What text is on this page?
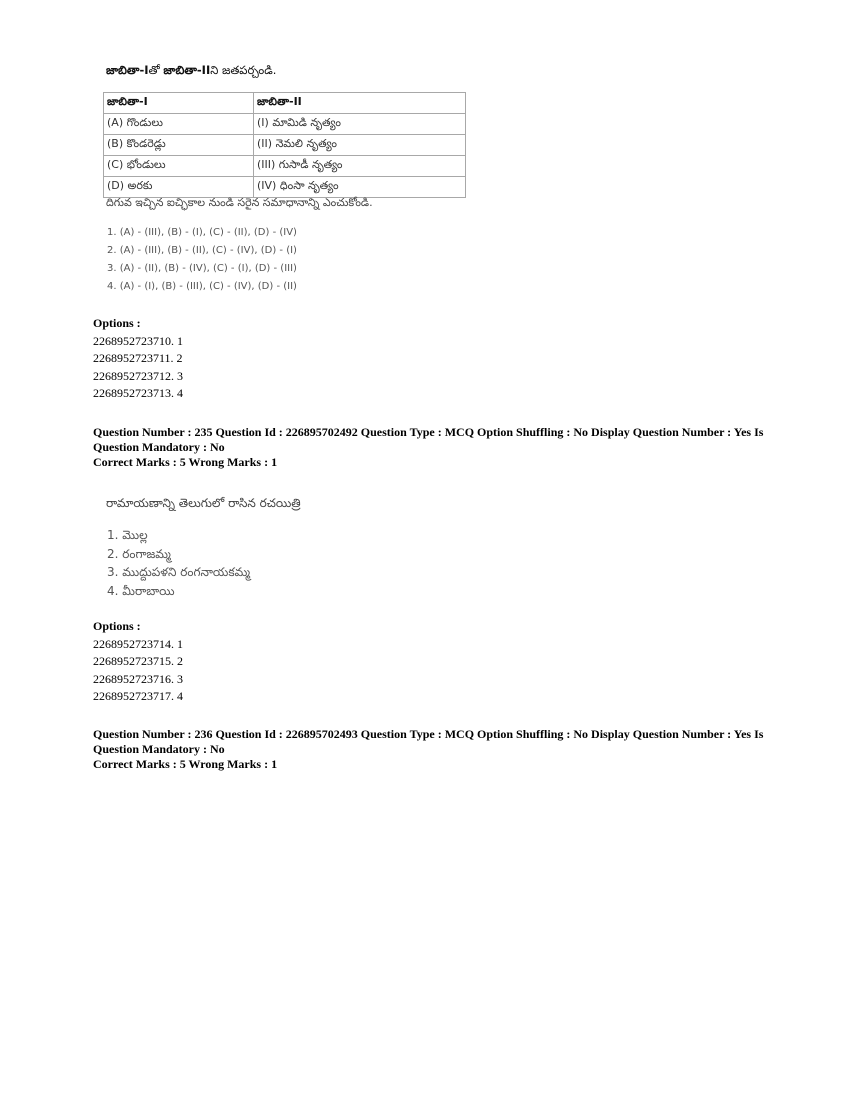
జాబితా-Iతో జాబితా-IIని జతపర్చండి.
జాబితా-I	జాబితా-II
(A) గొండులు	(I) మామిడి నృత్యం
(B) కొండరెడ్లు	(II) నెమలి నృత్యం
(C) భోండులు	(III) గుసాడీ నృత్యం
(D) అరకు	(IV) ధింసా నృత్యం
దిగువ ఇచ్చిన ఐచ్ఛికాల నుండి సరైన సమాధానాన్ని ఎంచుకోండి.
1. (A) - (III), (B) - (I), (C) - (II), (D) - (IV)
2. (A) - (III), (B) - (II), (C) - (IV), (D) - (I)
3. (A) - (II), (B) - (IV), (C) - (I), (D) - (III)
4. (A) - (I), (B) - (III), (C) - (IV), (D) - (II)
Options :
2268952723710. 1
2268952723711. 2
2268952723712. 3
2268952723713. 4
Question Number : 235 Question Id : 226895702492 Question Type : MCQ Option Shuffling : No Display Question Number : Yes Is
Question Mandatory : No
Correct Marks : 5 Wrong Marks : 1
రామాయణాన్ని తెలుగులో రాసిన రచయిత్రి
1. మొల్ల
2. రంగాజమ్మ
3. ముద్దుపళని రంగనాయకమ్మ
4. మీరాబాయి
Options :
2268952723714. 1
2268952723715. 2
2268952723716. 3
2268952723717. 4
Question Number : 236 Question Id : 226895702493 Question Type : MCQ Option Shuffling : No Display Question Number : Yes Is
Question Mandatory : No
Correct Marks : 5 Wrong Marks : 1
